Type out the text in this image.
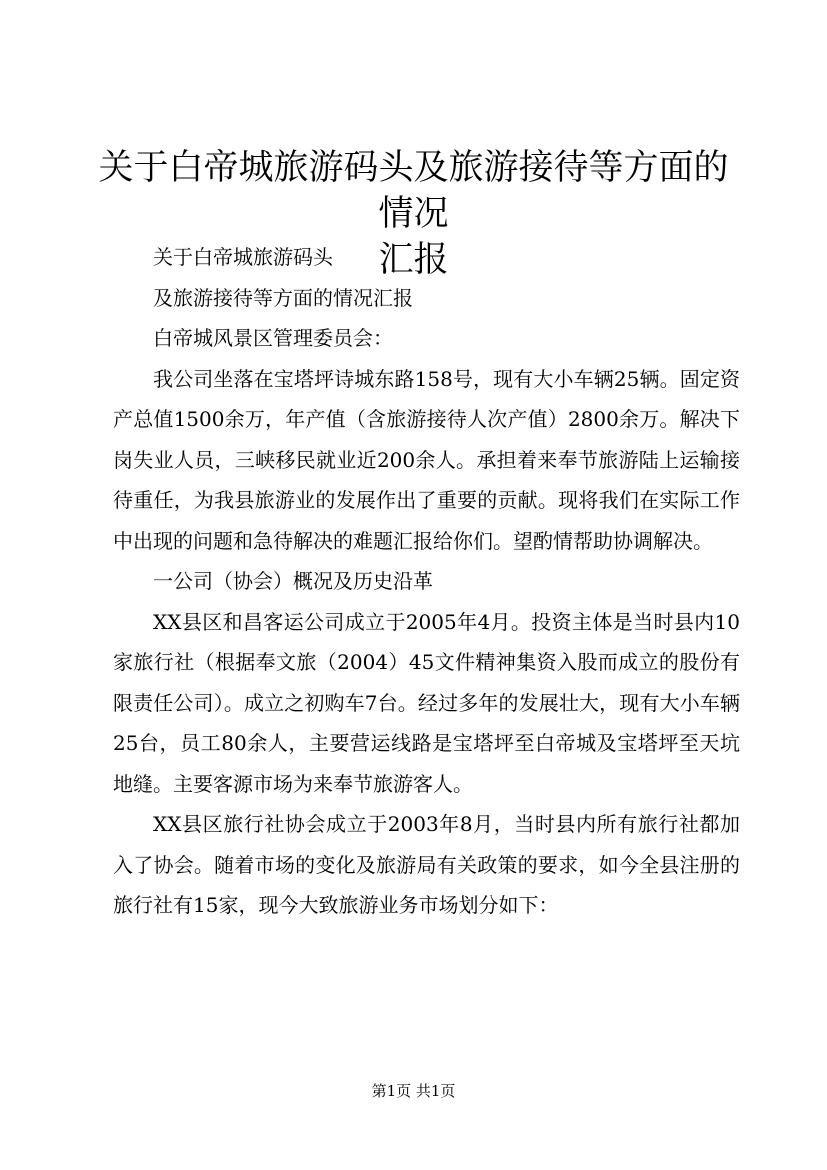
关于白帝城旅游码头及旅游接待等方面的情况
汇报

关于白帝城旅游码头

及旅游接待等方面的情况汇报

白帝城风景区管理委员会：

我公司坐落在宝塔坪诗城东路158号，现有大小车辆25辆。固定资产总值1500余万，年产值（含旅游接待人次产值）2800余万。解决下岗失业人员，三峡移民就业近200余人。承担着来奉节旅游陆上运输接待重任，为我县旅游业的发展作出了重要的贡献。现将我们在实际工作中出现的问题和急待解决的难题汇报给你们。望酌情帮助协调解决。

一公司（协会）概况及历史沿革

XX县区和昌客运公司成立于2005年4月。投资主体是当时县内10家旅行社（根据奉文旅（2004）45文件精神集资入股而成立的股份有限责任公司）。成立之初购车7台。经过多年的发展壮大，现有大小车辆25台，员工80余人，主要营运线路是宝塔坪至白帝城及宝塔坪至天坑地缝。主要客源市场为来奉节旅游客人。

XX县区旅行社协会成立于2003年8月，当时县内所有旅行社都加入了协会。随着市场的变化及旅游局有关政策的要求，如今全县注册的旅行社有15家，现今大致旅游业务市场划分如下：

第1页 共1页
